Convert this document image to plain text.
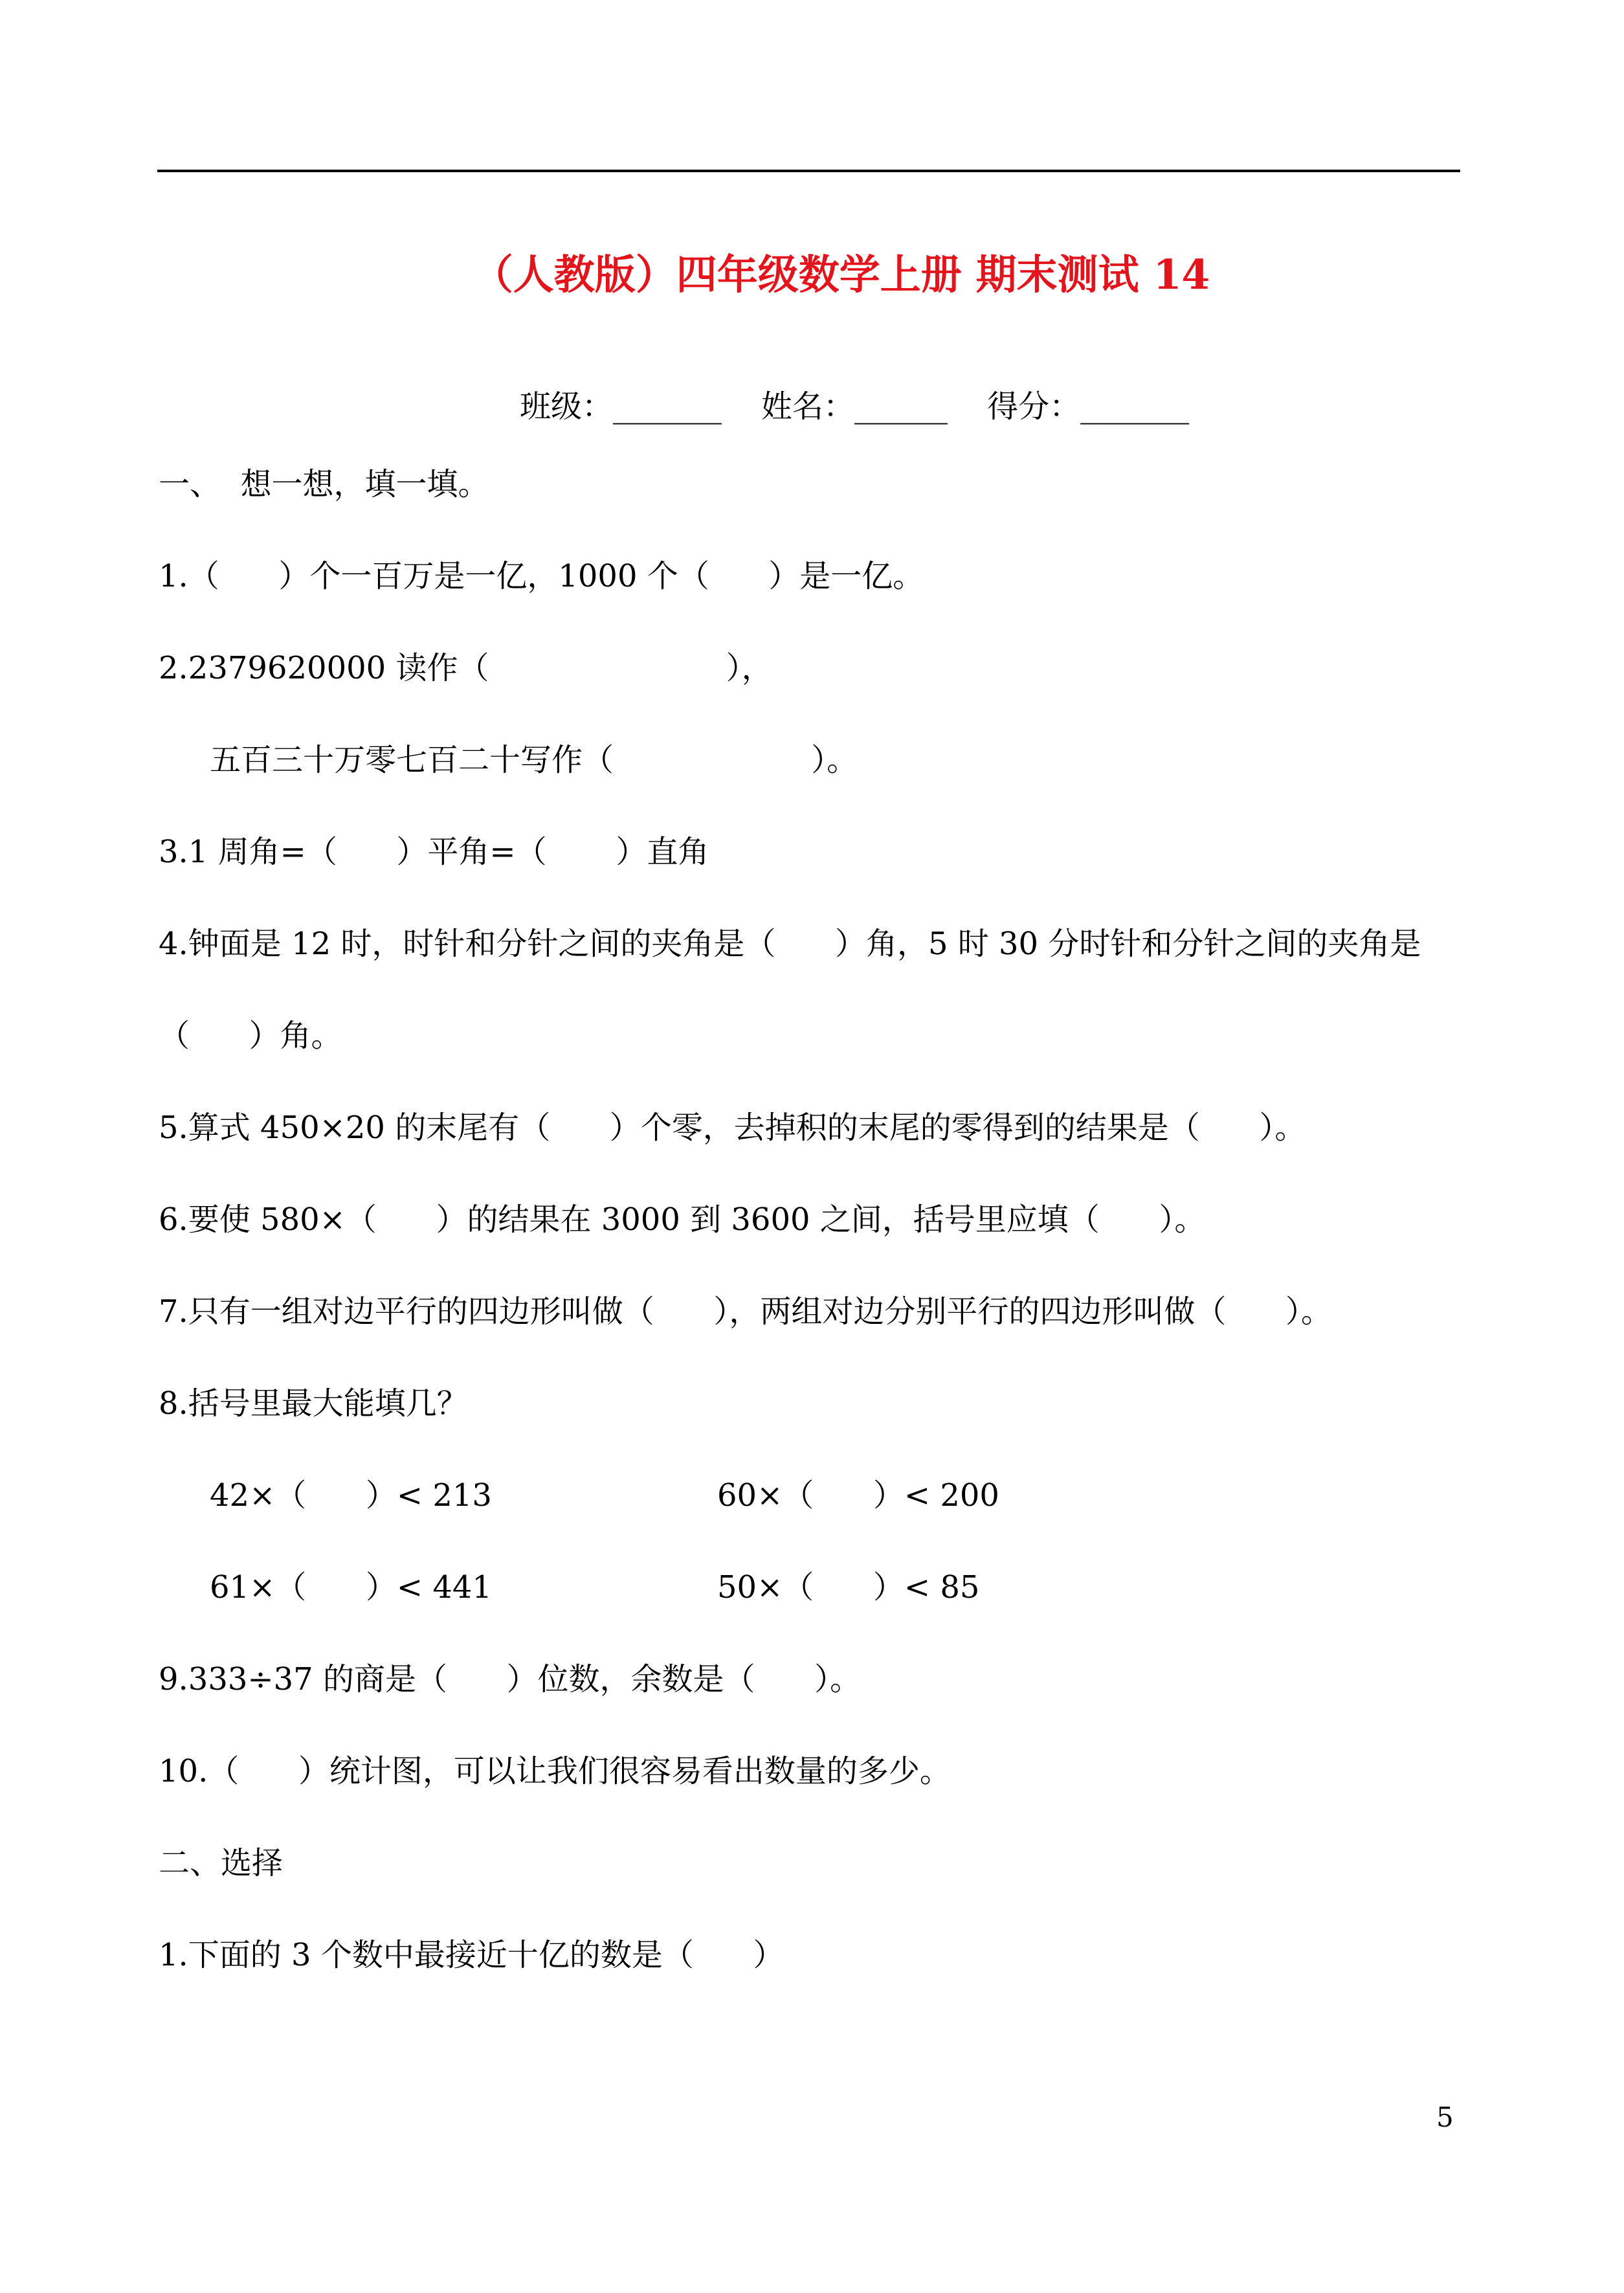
（人教版）四年级数学上册 期末测试 14
班级：_______    姓名：______    得分：_______
一、  想一想，填一填。
1.（      ）个一百万是一亿，1000 个（      ）是一亿。
2.2379620000 读作（                        ），
五百三十万零七百二十写作（                    ）。
3.1 周角=（      ）平角=（       ）直角
4.钟面是 12 时，时针和分针之间的夹角是（      ）角，5 时 30 分时针和分针之间的夹角是
（      ）角。
5.算式 450×20 的末尾有（      ）个零，去掉积的末尾的零得到的结果是（      ）。
6.要使 580×（      ）的结果在 3000 到 3600 之间，括号里应填（      ）。
7.只有一组对边平行的四边形叫做（      ），两组对边分别平行的四边形叫做（      ）。
8.括号里最大能填几？
42×（      ）< 213	60×（      ）< 200
61×（      ）< 441	50×（      ）< 85
9.333÷37 的商是（      ）位数，余数是（      ）。
10.（      ）统计图，可以让我们很容易看出数量的多少。
二、选择
1.下面的 3 个数中最接近十亿的数是（      ）
5
